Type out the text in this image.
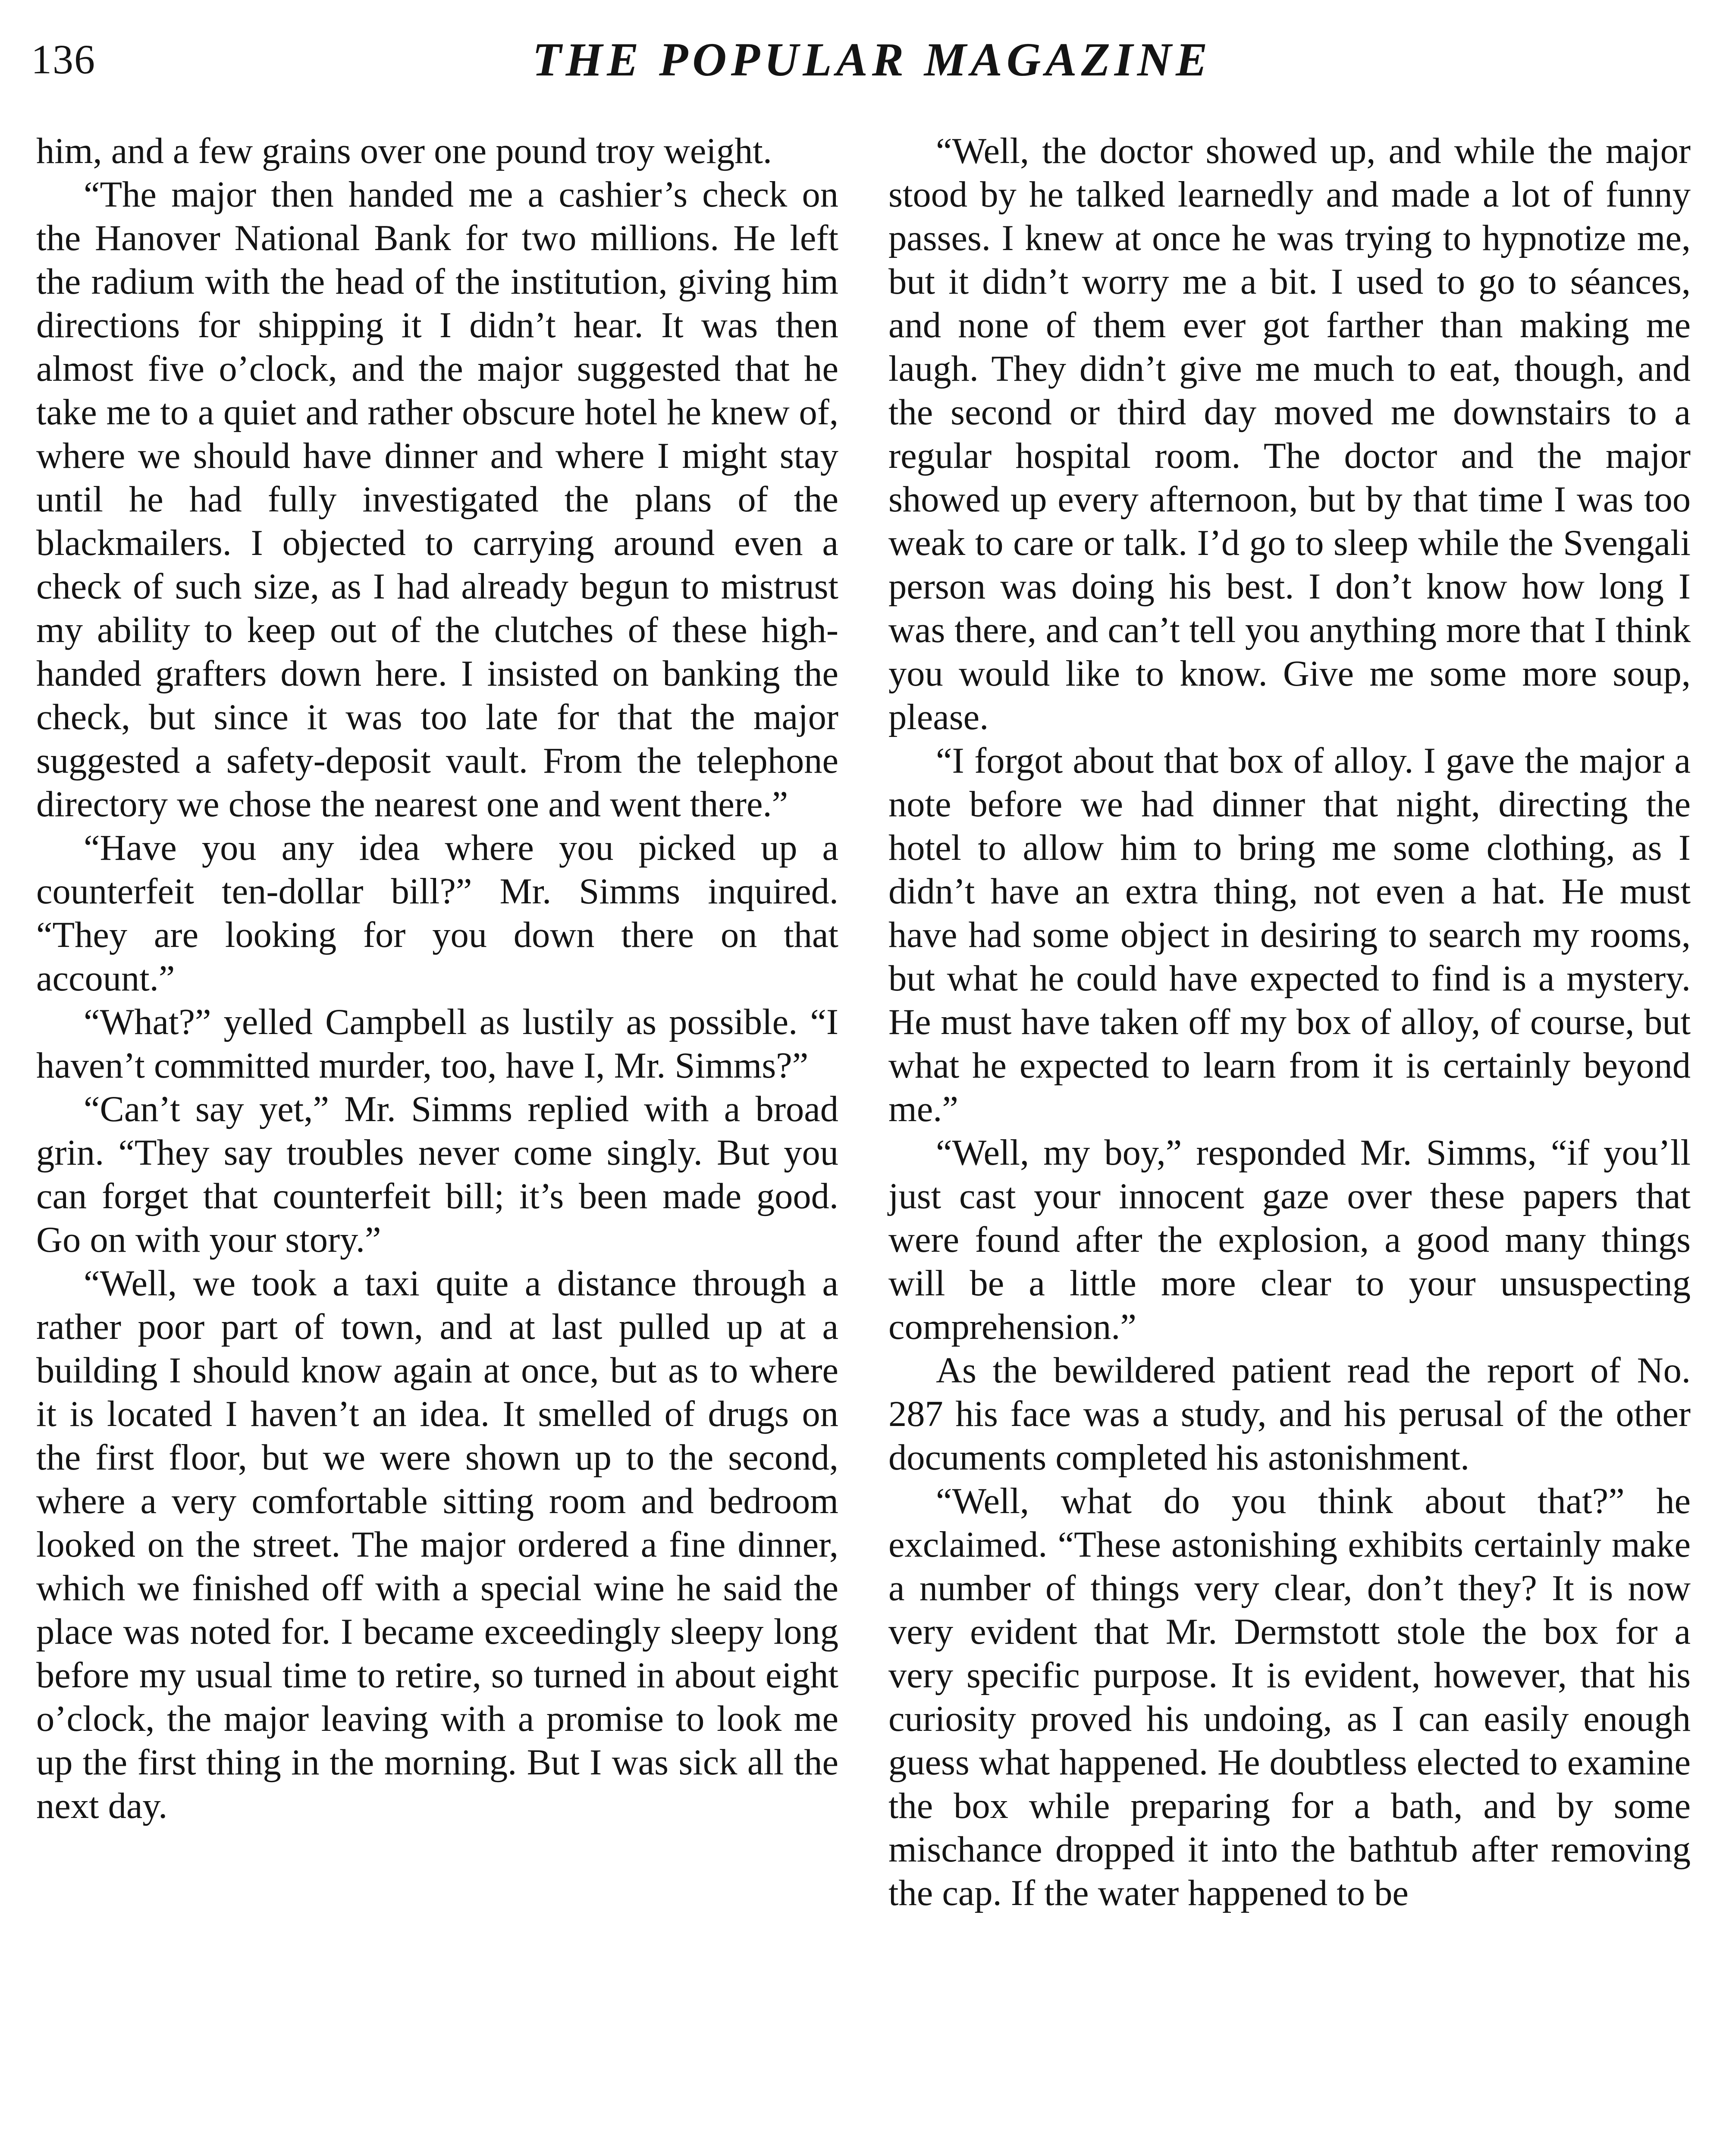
136	THE POPULAR MAGAZINE

him, and a few grains over one pound troy weight.

“The major then handed me a cashier’s check on the Hanover National Bank for two millions. He left the radium with the head of the institution, giving him directions for shipping it I didn’t hear. It was then almost five o’clock, and the major suggested that he take me to a quiet and rather obscure hotel he knew of, where we should have dinner and where I might stay until he had fully investigated the plans of the blackmailers. I objected to carrying around even a check of such size, as I had already begun to mistrust my ability to keep out of the clutches of these high-handed grafters down here. I insisted on banking the check, but since it was too late for that the major suggested a safety-deposit vault. From the telephone directory we chose the nearest one and went there.”

“Have you any idea where you picked up a counterfeit ten-dollar bill?” Mr. Simms inquired. “They are looking for you down there on that account.”

“What?” yelled Campbell as lustily as possible. “I haven’t committed murder, too, have I, Mr. Simms?”

“Can’t say yet,” Mr. Simms replied with a broad grin. “They say troubles never come singly. But you can forget that counterfeit bill; it’s been made good. Go on with your story.”

“Well, we took a taxi quite a distance through a rather poor part of town, and at last pulled up at a building I should know again at once, but as to where it is located I haven’t an idea. It smelled of drugs on the first floor, but we were shown up to the second, where a very comfortable sitting room and bedroom looked on the street. The major ordered a fine dinner, which we finished off with a special wine he said the place was noted for. I became exceedingly sleepy long before my usual time to retire, so turned in about eight o’clock, the major leaving with a promise to look me up the first thing in the morning. But I was sick all the next day.

“Well, the doctor showed up, and while the major stood by he talked learnedly and made a lot of funny passes. I knew at once he was trying to hypnotize me, but it didn’t worry me a bit. I used to go to séances, and none of them ever got farther than making me laugh. They didn’t give me much to eat, though, and the second or third day moved me downstairs to a regular hospital room. The doctor and the major showed up every afternoon, but by that time I was too weak to care or talk. I’d go to sleep while the Svengali person was doing his best. I don’t know how long I was there, and can’t tell you anything more that I think you would like to know. Give me some more soup, please.

“I forgot about that box of alloy. I gave the major a note before we had dinner that night, directing the hotel to allow him to bring me some clothing, as I didn’t have an extra thing, not even a hat. He must have had some object in desiring to search my rooms, but what he could have expected to find is a mystery. He must have taken off my box of alloy, of course, but what he expected to learn from it is certainly beyond me.”

“Well, my boy,” responded Mr. Simms, “if you’ll just cast your innocent gaze over these papers that were found after the explosion, a good many things will be a little more clear to your unsuspecting comprehension.”

As the bewildered patient read the report of No. 287 his face was a study, and his perusal of the other documents completed his astonishment.

“Well, what do you think about that?” he exclaimed. “These astonishing exhibits certainly make a number of things very clear, don’t they? It is now very evident that Mr. Dermstott stole the box for a very specific purpose. It is evident, however, that his curiosity proved his undoing, as I can easily enough guess what happened. He doubtless elected to examine the box while preparing for a bath, and by some mischance dropped it into the bathtub after removing the cap. If the water happened to be
